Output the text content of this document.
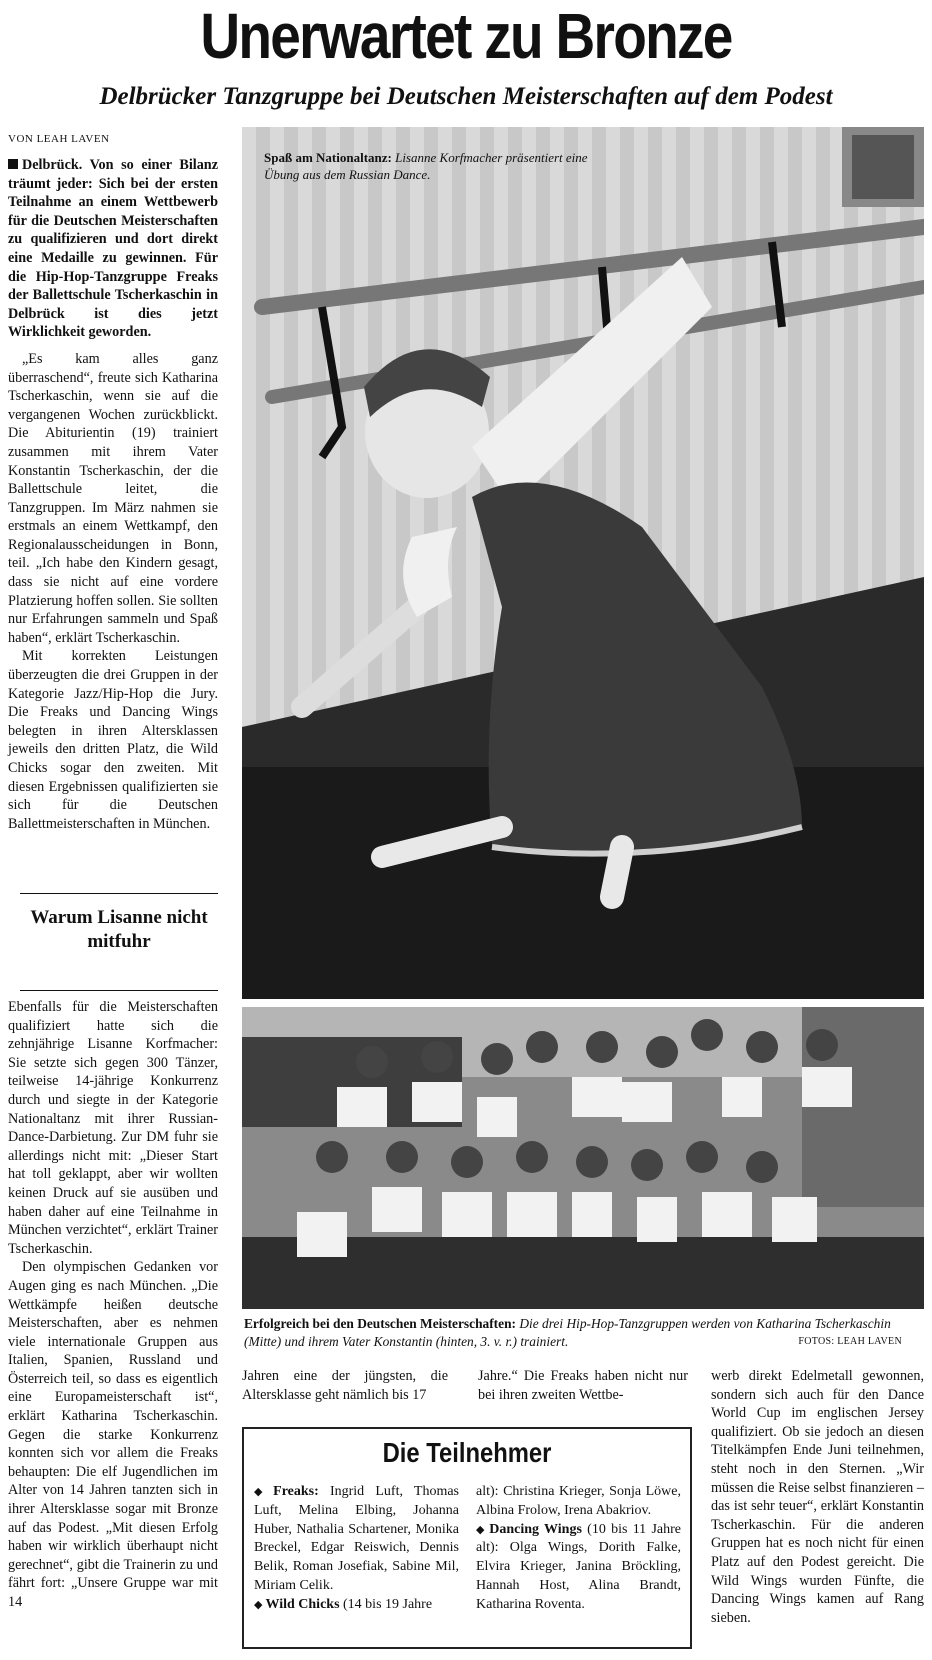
Unerwartet zu Bronze
Delbrücker Tanzgruppe bei Deutschen Meisterschaften auf dem Podest
VON LEAH LAVEN

Delbrück. Von so einer Bilanz träumt jeder: Sich bei der ersten Teilnahme an einem Wettbewerb für die Deutschen Meisterschaften zu qualifizieren und dort direkt eine Medaille zu gewinnen. Für die Hip-Hop-Tanzgruppe Freaks der Ballettschule Tscherkaschin in Delbrück ist dies jetzt Wirklichkeit geworden.

„Es kam alles ganz überraschend“, freute sich Katharina Tscherkaschin, wenn sie auf die vergangenen Wochen zurückblickt. Die Abiturientin (19) trainiert zusammen mit ihrem Vater Konstantin Tscherkaschin, der die Ballettschule leitet, die Tanzgruppen. Im März nahmen sie erstmals an einem Wettkampf, den Regionalausscheidungen in Bonn, teil. „Ich habe den Kindern gesagt, dass sie nicht auf eine vordere Platzierung hoffen sollen. Sie sollten nur Erfahrungen sammeln und Spaß haben“, erklärt Tscherkaschin.

Mit korrekten Leistungen überzeugten die drei Gruppen in der Kategorie Jazz/Hip-Hop die Jury. Die Freaks und Dancing Wings belegten in ihren Altersklassen jeweils den dritten Platz, die Wild Chicks sogar den zweiten. Mit diesen Ergebnissen qualifizierten sie sich für die Deutschen Ballettmeisterschaften in München.

Warum Lisanne nicht mitfuhr

Ebenfalls für die Meisterschaften qualifiziert hatte sich die zehnjährige Lisanne Korfmacher: Sie setzte sich gegen 300 Tänzer, teilweise 14-jährige Konkurrenz durch und siegte in der Kategorie Nationaltanz mit ihrer Russian-Dance-Darbietung. Zur DM fuhr sie allerdings nicht mit: „Dieser Start hat toll geklappt, aber wir wollten keinen Druck auf sie ausüben und haben daher auf eine Teilnahme in München verzichtet“, erklärt Trainer Tscherkaschin.

Den olympischen Gedanken vor Augen ging es nach München. „Die Wettkämpfe heißen deutsche Meisterschaften, aber es nehmen viele internationale Gruppen aus Italien, Spanien, Russland und Österreich teil, so dass es eigentlich eine Europameisterschaft ist“, erklärt Katharina Tscherkaschin. Gegen die starke Konkurrenz konnten sich vor allem die Freaks behaupten: Die elf Jugendlichen im Alter von 14 Jahren tanzten sich in ihrer Altersklasse sogar mit Bronze auf das Podest. „Mit diesen Erfolg haben wir wirklich überhaupt nicht gerechnet“, gibt die Trainerin zu und fährt fort: „Unsere Gruppe war mit 14

Spaß am Nationaltanz: Lisanne Korfmacher präsentiert eine Übung aus dem Russian Dance.
Erfolgreich bei den Deutschen Meisterschaften: Die drei Hip-Hop-Tanzgruppen werden von Katharina Tscherkaschin (Mitte) und ihrem Vater Konstantin (hinten, 3. v. r.) trainiert.	FOTOS: LEAH LAVEN
Jahren eine der jüngsten, die Altersklasse geht nämlich bis 17
Jahre.“ Die Freaks haben nicht nur bei ihren zweiten Wettbe-
werb direkt Edelmetall gewonnen, sondern sich auch für den Dance World Cup im englischen Jersey qualifiziert. Ob sie jedoch an diesen Titelkämpfen Ende Juni teilnehmen, steht noch in den Sternen. „Wir müssen die Reise selbst finanzieren – das ist sehr teuer“, erklärt Konstantin Tscherkaschin. Für die anderen Gruppen hat es noch nicht für einen Platz auf den Podest gereicht. Die Wild Wings wurden Fünfte, die Dancing Wings kamen auf Rang sieben.
Die Teilnehmer
◆ Freaks: Ingrid Luft, Thomas Luft, Melina Elbing, Johanna Huber, Nathalia Schartener, Monika Breckel, Edgar Reiswich, Dennis Belik, Roman Josefiak, Sabine Mil, Miriam Celik.
◆ Wild Chicks (14 bis 19 Jahre
alt): Christina Krieger, Sonja Löwe, Albina Frolow, Irena Abakriov.
◆ Dancing Wings (10 bis 11 Jahre alt): Olga Wings, Dorith Falke, Elvira Krieger, Janina Bröckling, Hannah Host, Alina Brandt, Katharina Roventa.
